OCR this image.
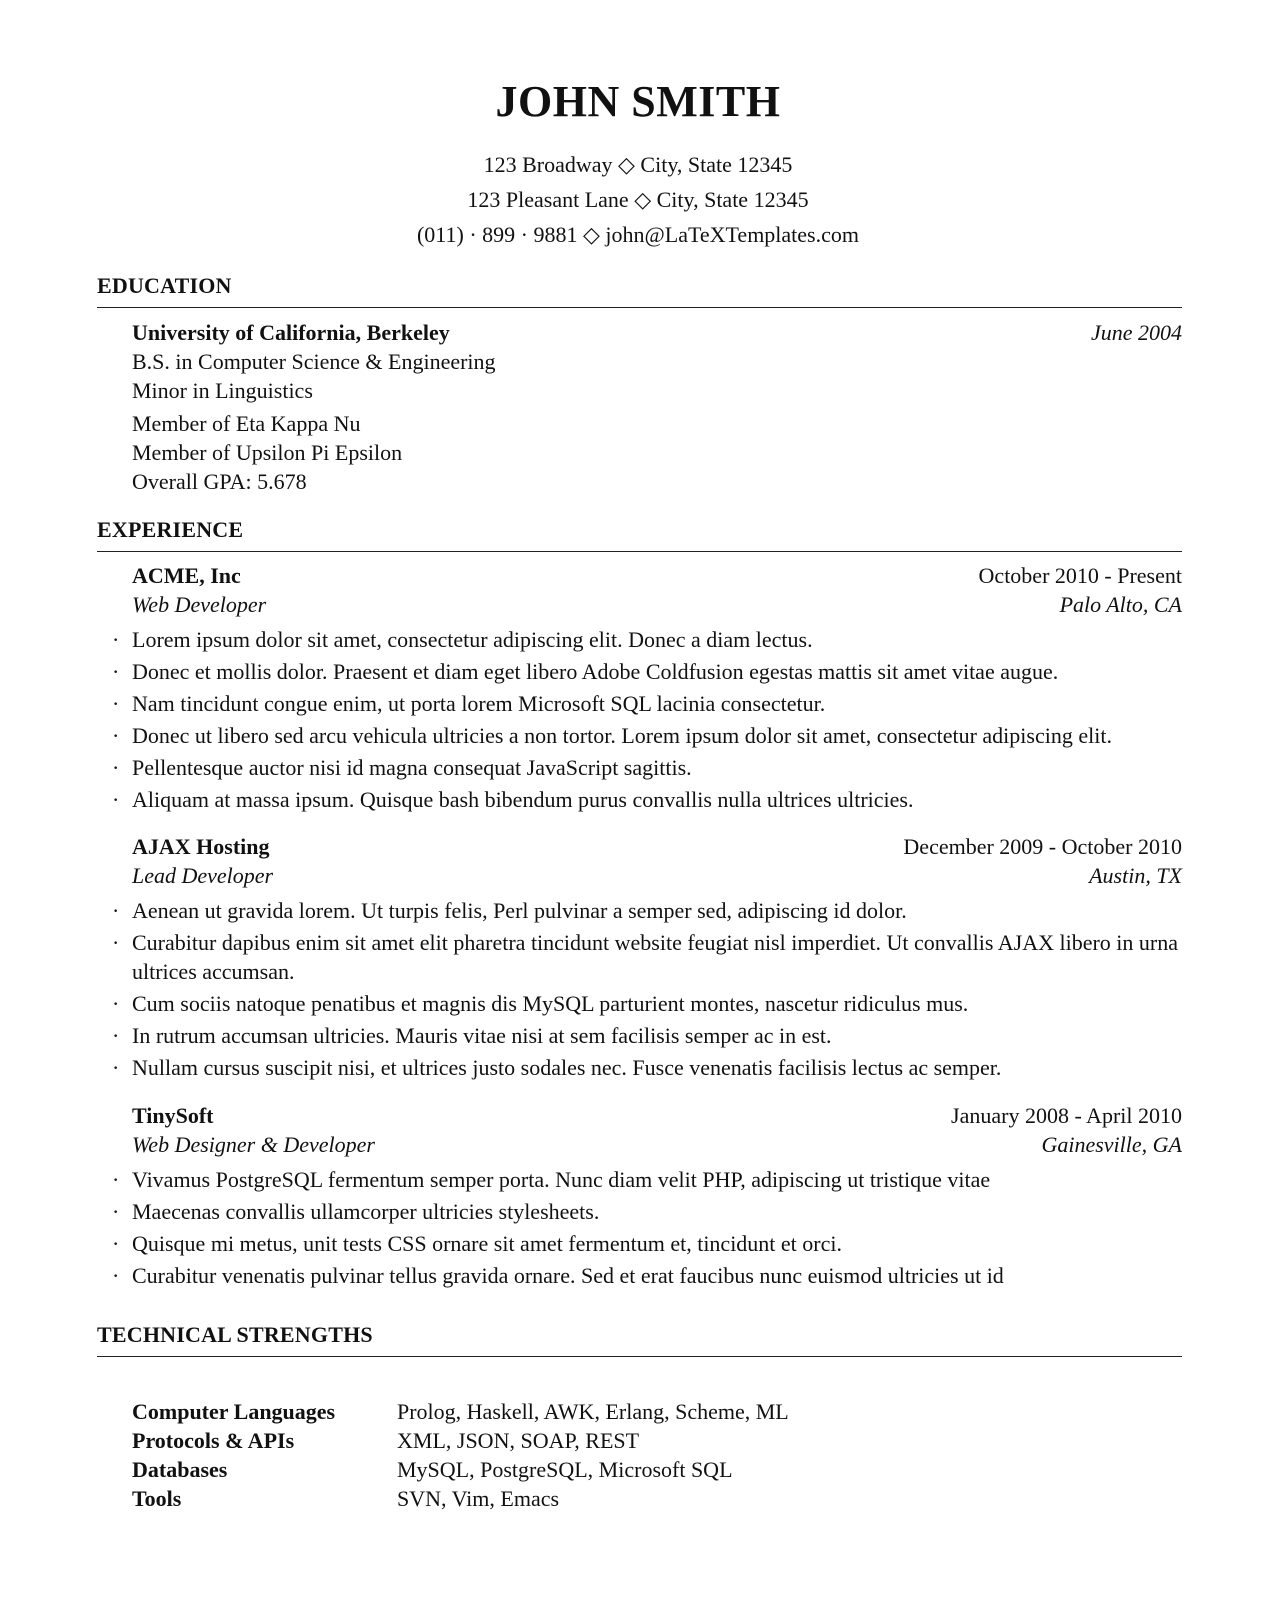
JOHN SMITH
123 Broadway ◇ City, State 12345
123 Pleasant Lane ◇ City, State 12345
(011) · 899 · 9881 ◇ john@LaTeXTemplates.com
EDUCATION
University of California, Berkeley	June 2004
B.S. in Computer Science & Engineering
Minor in Linguistics
Member of Eta Kappa Nu
Member of Upsilon Pi Epsilon
Overall GPA: 5.678
EXPERIENCE
ACME, Inc	October 2010 - Present
Web Developer	Palo Alto, CA
· Lorem ipsum dolor sit amet, consectetur adipiscing elit. Donec a diam lectus.
· Donec et mollis dolor. Praesent et diam eget libero Adobe Coldfusion egestas mattis sit amet vitae augue.
· Nam tincidunt congue enim, ut porta lorem Microsoft SQL lacinia consectetur.
· Donec ut libero sed arcu vehicula ultricies a non tortor. Lorem ipsum dolor sit amet, consectetur adipiscing elit.
· Pellentesque auctor nisi id magna consequat JavaScript sagittis.
· Aliquam at massa ipsum. Quisque bash bibendum purus convallis nulla ultrices ultricies.
AJAX Hosting	December 2009 - October 2010
Lead Developer	Austin, TX
· Aenean ut gravida lorem. Ut turpis felis, Perl pulvinar a semper sed, adipiscing id dolor.
· Curabitur dapibus enim sit amet elit pharetra tincidunt website feugiat nisl imperdiet. Ut convallis AJAX libero in urna ultrices accumsan.
· Cum sociis natoque penatibus et magnis dis MySQL parturient montes, nascetur ridiculus mus.
· In rutrum accumsan ultricies. Mauris vitae nisi at sem facilisis semper ac in est.
· Nullam cursus suscipit nisi, et ultrices justo sodales nec. Fusce venenatis facilisis lectus ac semper.
TinySoft	January 2008 - April 2010
Web Designer & Developer	Gainesville, GA
· Vivamus PostgreSQL fermentum semper porta. Nunc diam velit PHP, adipiscing ut tristique vitae
· Maecenas convallis ullamcorper ultricies stylesheets.
· Quisque mi metus, unit tests CSS ornare sit amet fermentum et, tincidunt et orci.
· Curabitur venenatis pulvinar tellus gravida ornare. Sed et erat faucibus nunc euismod ultricies ut id
TECHNICAL STRENGTHS
Computer Languages	Prolog, Haskell, AWK, Erlang, Scheme, ML
Protocols & APIs	XML, JSON, SOAP, REST
Databases	MySQL, PostgreSQL, Microsoft SQL
Tools	SVN, Vim, Emacs
